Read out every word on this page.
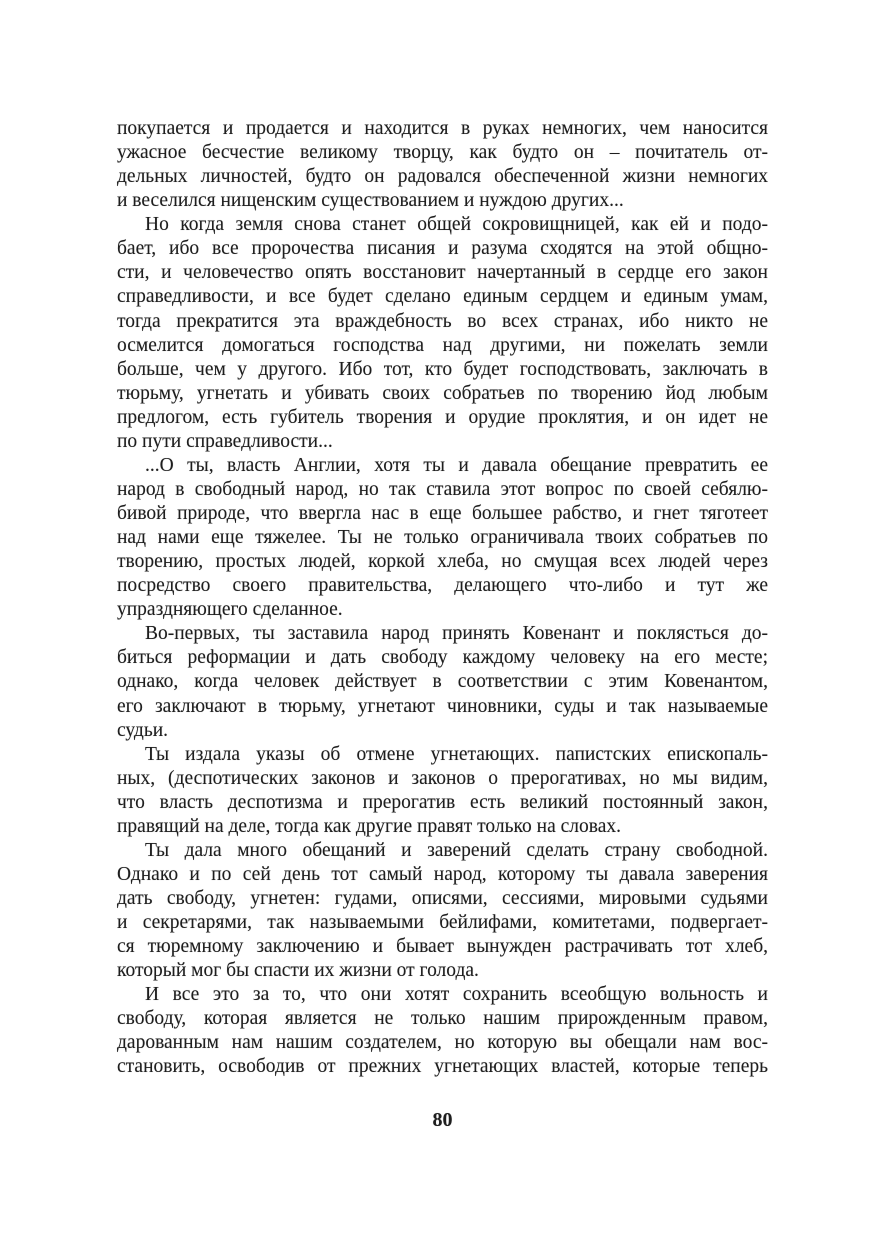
покупается и продается и находится в руках немногих, чем наносится
ужасное бесчестие великому творцу, как будто он – почитатель от-
дельных личностей, будто он радовался обеспеченной жизни немногих
и веселился нищенским существованием и нуждою других...
Но когда земля снова станет общей сокровищницей, как ей и подо-
бает, ибо все пророчества писания и разума сходятся на этой общно-
сти, и человечество опять восстановит начертанный в сердце его закон
справедливости, и все будет сделано единым сердцем и единым умам,
тогда прекратится эта враждебность во всех странах, ибо никто не
осмелится домогаться господства над другими, ни пожелать земли
больше, чем у другого. Ибо тот, кто будет господствовать, заключать в
тюрьму, угнетать и убивать своих собратьев по творению йод любым
предлогом, есть губитель творения и орудие проклятия, и он идет не
по пути справедливости...
...О ты, власть Англии, хотя ты и давала обещание превратить ее
народ в свободный народ, но так ставила этот вопрос по своей себялю-
бивой природе, что ввергла нас в еще большее рабство, и гнет тяготеет
над нами еще тяжелее. Ты не только ограничивала твоих собратьев по
творению, простых людей, коркой хлеба, но смущая всех людей через
посредство своего правительства, делающего что-либо и тут же
упраздняющего сделанное.
Во-первых, ты заставила народ принять Ковенант и поклясться до-
биться реформации и дать свободу каждому человеку на его месте;
однако, когда человек действует в соответствии с этим Ковенантом,
его заключают в тюрьму, угнетают чиновники, суды и так называемые
судьи.
Ты издала указы об отмене угнетающих. папистских епископаль-
ных, (деспотических законов и законов о прерогативах, но мы видим,
что власть деспотизма и прерогатив есть великий постоянный закон,
правящий на деле, тогда как другие правят только на словах.
Ты дала много обещаний и заверений сделать страну свободной.
Однако и по сей день тот самый народ, которому ты давала заверения
дать свободу, угнетен: гудами, описями, сессиями, мировыми судьями
и секретарями, так называемыми бейлифами, комитетами, подвергает-
ся тюремному заключению и бывает вынужден растрачивать тот хлеб,
который мог бы спасти их жизни от голода.
И все это за то, что они хотят сохранить всеобщую вольность и
свободу, которая является не только нашим прирожденным правом,
дарованным нам нашим создателем, но которую вы обещали нам вос-
становить, освободив от прежних угнетающих властей, которые теперь
80
